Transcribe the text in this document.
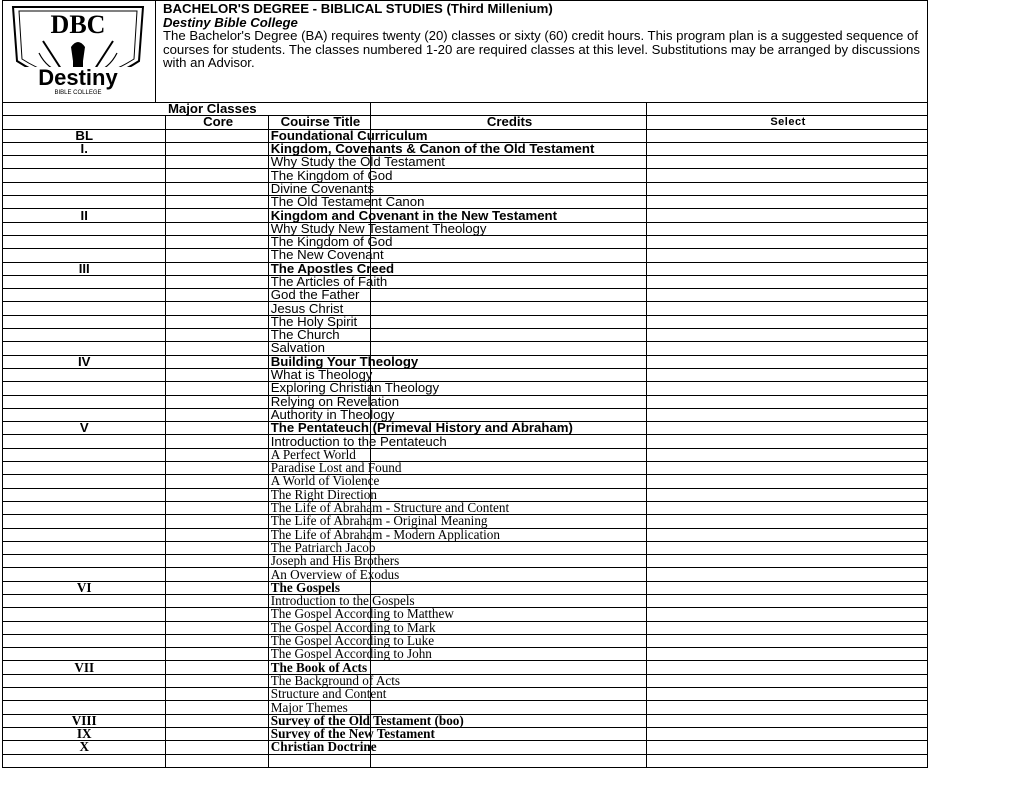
DBC
Destiny
BIBLE COLLEGE
BACHELOR'S DEGREE - BIBLICAL STUDIES (Third Millenium)
Destiny Bible College
The Bachelor's Degree (BA) requires twenty (20) classes or sixty (60) credit hours. This program plan is a suggested sequence of courses for students. The classes numbered 1-20 are required classes at this level. Substitutions may be arranged by discussions with an Advisor.
	Major Classes			
	Core	Couirse Title	Credits	Select
BL		Foundational Curriculum		
I.		Kingdom, Covenants & Canon of the Old Testament		
		Why Study the Old Testament		
		The Kingdom of God		
		Divine Covenants		
		The Old Testament Canon		
II		Kingdom and Covenant in the New Testament		
		Why Study New Testament Theology		
		The Kingdom of God		
		The New Covenant		
III		The Apostles Creed		
		The Articles of Faith		
		God the Father		
		Jesus Christ		
		The Holy Spirit		
		The Church		
		Salvation		
IV		Building Your Theology		
		What is Theology		
		Exploring Christian Theology		
		Relying on Revelation		
		Authority in Theology		
V		The Pentateuch (Primeval History and Abraham)		
		Introduction to the Pentateuch		
		A Perfect World		
		Paradise Lost and Found		
		A World of Violence		
		The Right Direction		
		The Life of Abraham - Structure and Content		
		The Life of Abraham - Original Meaning		
		The Life of Abraham - Modern Application		
		The Patriarch Jacob		
		Joseph and His Brothers		
		An Overview of Exodus		
VI		The Gospels		
		Introduction to the Gospels		
		The Gospel According to Matthew		
		The Gospel According to Mark		
		The Gospel According to Luke		
		The Gospel According to John		
VII		The Book of Acts		
		The Background of Acts		
		Structure and Content		
		Major Themes		
VIII		Survey of the Old Testament (boo)		
IX		Survey of the New Testament		
X		Christian Doctrine		
